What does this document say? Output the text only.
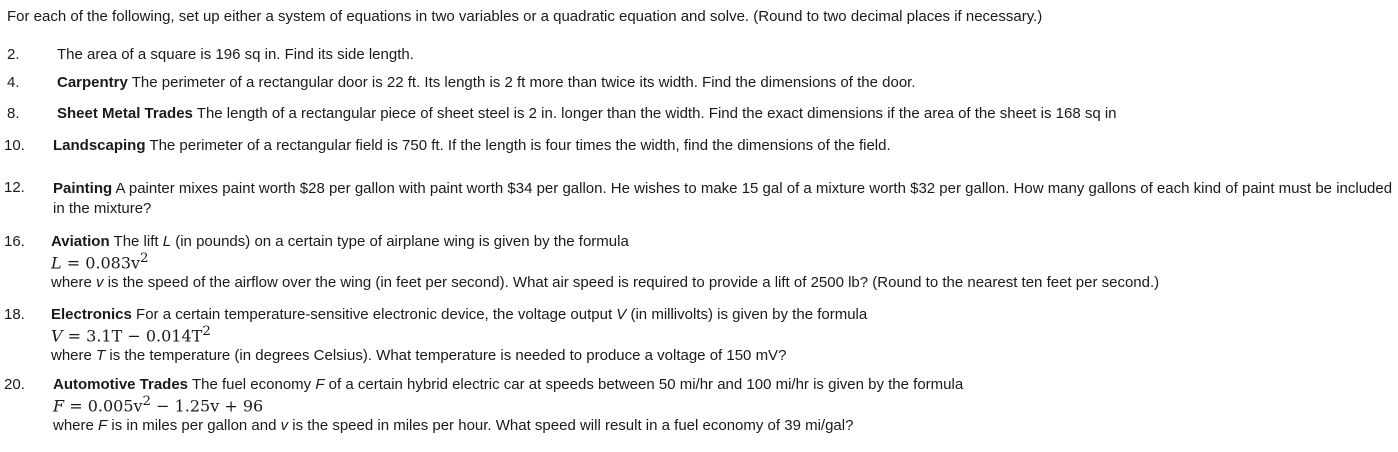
For each of the following, set up either a system of equations in two variables or a quadratic equation and solve. (Round to two decimal places if necessary.)
2. The area of a square is 196 sq in. Find its side length.
4. Carpentry The perimeter of a rectangular door is 22 ft. Its length is 2 ft more than twice its width. Find the dimensions of the door.
8. Sheet Metal Trades The length of a rectangular piece of sheet steel is 2 in. longer than the width. Find the exact dimensions if the area of the sheet is 168 sq in
10. Landscaping The perimeter of a rectangular field is 750 ft. If the length is four times the width, find the dimensions of the field.
12. Painting A painter mixes paint worth $28 per gallon with paint worth $34 per gallon. He wishes to make 15 gal of a mixture worth $32 per gallon. How many gallons of each kind of paint must be included in the mixture?
16. Aviation The lift L (in pounds) on a certain type of airplane wing is given by the formula
$L = 0.083v^2$
where v is the speed of the airflow over the wing (in feet per second). What air speed is required to provide a lift of 2500 lb? (Round to the nearest ten feet per second.)
18. Electronics For a certain temperature-sensitive electronic device, the voltage output V (in millivolts) is given by the formula
$V = 3.1T - 0.014T^2$
where T is the temperature (in degrees Celsius). What temperature is needed to produce a voltage of 150 mV?
20. Automotive Trades The fuel economy F of a certain hybrid electric car at speeds between 50 mi/hr and 100 mi/hr is given by the formula
$F = 0.005v^2 - 1.25v + 96$
where F is in miles per gallon and v is the speed in miles per hour. What speed will result in a fuel economy of 39 mi/gal?
